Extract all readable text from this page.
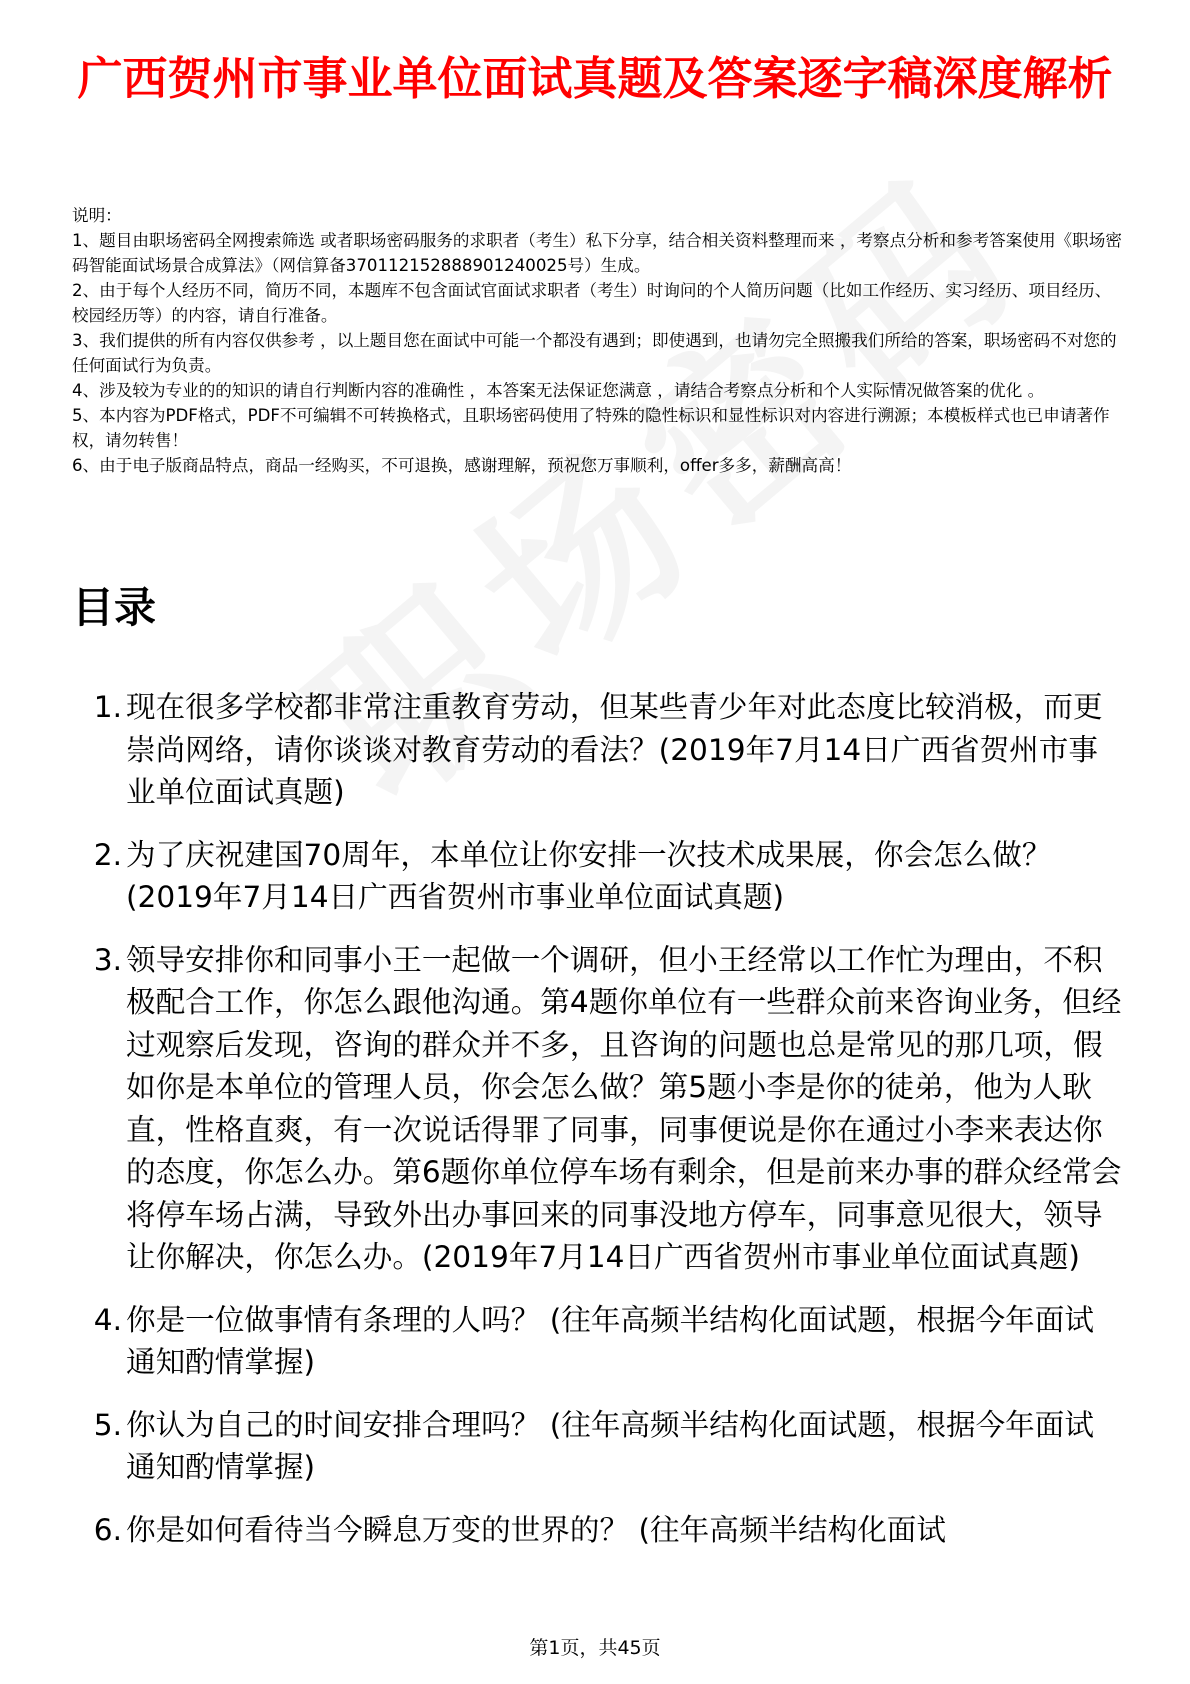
广西贺州市事业单位面试真题及答案逐字稿深度解析

说明：

1、题目由职场密码全网搜索筛选 或者职场密码服务的求职者（考生）私下分享，结合相关资料整理而来 ，考察点分析和参考答案使用《职场密码智能面试场景合成算法》（网信算备370112152888901240025号）生成。

2、由于每个人经历不同，简历不同，本题库不包含面试官面试求职者（考生）时询问的个人简历问题（比如工作经历、实习经历、项目经历、校园经历等）的内容，请自行准备。

3、我们提供的所有内容仅供参考 ，以上题目您在面试中可能一个都没有遇到；即使遇到，也请勿完全照搬我们所给的答案，职场密码不对您的任何面试行为负责。

4、涉及较为专业的的知识的请自行判断内容的准确性 ，本答案无法保证您满意 ，请结合考察点分析和个人实际情况做答案的优化 。

5、本内容为PDF格式，PDF不可编辑不可转换格式，且职场密码使用了特殊的隐性标识和显性标识对内容进行溯源；本模板样式也已申请著作权，请勿转售！

6、由于电子版商品特点，商品一经购买，不可退换，感谢理解，预祝您万事顺利，offer多多，薪酬高高！

目录
1. 现在很多学校都非常注重教育劳动，但某些青少年对此态度比较消极，而更崇尚网络，请你谈谈对教育劳动的看法？(2019年7月14日广西省贺州市事业单位面试真题)
2. 为了庆祝建国70周年，本单位让你安排一次技术成果展，你会怎么做？(2019年7月14日广西省贺州市事业单位面试真题)
3. 领导安排你和同事小王一起做一个调研，但小王经常以工作忙为理由，不积极配合工作，你怎么跟他沟通。第4题你单位有一些群众前来咨询业务，但经过观察后发现，咨询的群众并不多，且咨询的问题也总是常见的那几项，假如你是本单位的管理人员，你会怎么做？第5题小李是你的徒弟，他为人耿直，性格直爽，有一次说话得罪了同事，同事便说是你在通过小李来表达你的态度，你怎么办。第6题你单位停车场有剩余，但是前来办事的群众经常会将停车场占满，导致外出办事回来的同事没地方停车，同事意见很大，领导让你解决，你怎么办。(2019年7月14日广西省贺州市事业单位面试真题)
4. 你是一位做事情有条理的人吗？ (往年高频半结构化面试题，根据今年面试通知酌情掌握)
5. 你认为自己的时间安排合理吗？ (往年高频半结构化面试题，根据今年面试通知酌情掌握)
6. 你是如何看待当今瞬息万变的世界的？ (往年高频半结构化面试
第1页，共45页
